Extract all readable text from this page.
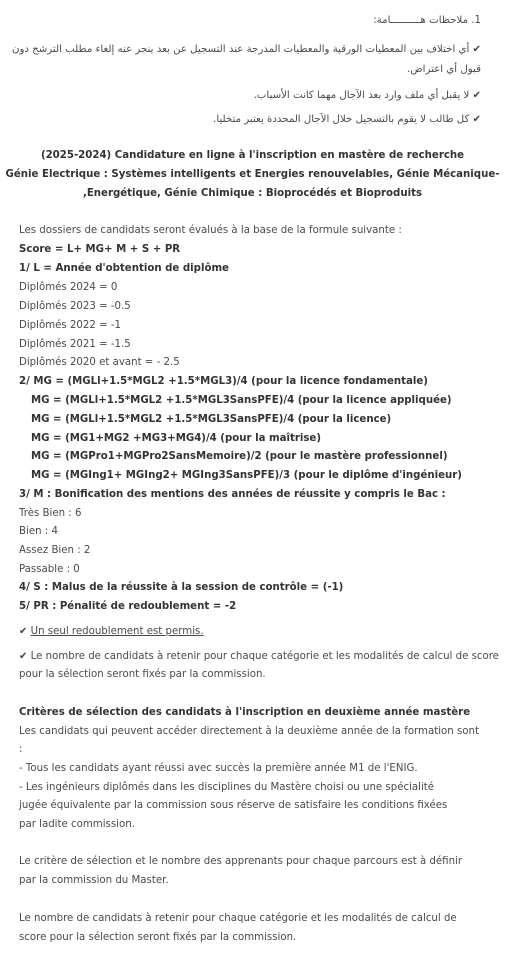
1. ملاحظات هــــــــــامة:
✔ أي اختلاف بين المعطيات الورقية والمعطيات المدرجة عند التسجيل عن بعد ينجر عنه إلغاء مطلب الترشح دون
قبول أي اعتراض.
✔ لا يقبل أي ملف وارد بعد الآجال مهما كانت الأسباب.
✔ كل طالب لا يقوم بالتسجيل خلال الآجال المحددة يعتبر متخليا.
(2025-2024) Candidature en ligne à l'inscription en mastère de recherche
Génie Electrique : Systèmes intelligents et Energies renouvelables, Génie Mécanique-
,Energétique, Génie Chimique : Bioprocédés et Bioproduits
Les dossiers de candidats seront évalués à la base de la formule suivante :
Score = L+ MG+ M + S + PR
1/ L = Année d'obtention de diplôme
Diplômés 2024 = 0
Diplômés 2023 = -0.5
Diplômés 2022 = -1
Diplômés 2021 = -1.5
Diplômés 2020 et avant = - 2.5
2/ MG = (MGLl+1.5*MGL2 +1.5*MGL3)/4 (pour la licence fondamentale)
MG = (MGLl+1.5*MGL2 +1.5*MGL3SansPFE)/4 (pour la licence appliquée)
MG = (MGLl+1.5*MGL2 +1.5*MGL3SansPFE)/4 (pour la licence)
MG = (MG1+MG2 +MG3+MG4)/4 (pour la maîtrise)
MG = (MGPro1+MGPro2SansMemoire)/2 (pour le mastère professionnel)
MG = (MGIng1+ MGIng2+ MGIng3SansPFE)/3 (pour le diplôme d'ingénieur)
3/ M : Bonification des mentions des années de réussite y compris le Bac :
Très Bien : 6
Bien : 4
Assez Bien : 2
Passable : 0
4/ S : Malus de la réussite à la session de contrôle = (-1)
5/ PR : Pénalité de redoublement = -2
✔ Un seul redoublement est permis.
✔ Le nombre de candidats à retenir pour chaque catégorie et les modalités de calcul de score
pour la sélection seront fixés par la commission.
Critères de sélection des candidats à l'inscription en deuxième année mastère
Les candidats qui peuvent accéder directement à la deuxième année de la formation sont
:
- Tous les candidats ayant réussi avec succès la première année M1 de l'ENIG.
- Les ingénieurs diplômés dans les disciplines du Mastère choisi ou une spécialité
jugée équivalente par la commission sous réserve de satisfaire les conditions fixées
par ladite commission.
Le critère de sélection et le nombre des apprenants pour chaque parcours est à définir
par la commission du Master.
Le nombre de candidats à retenir pour chaque catégorie et les modalités de calcul de
score pour la sélection seront fixés par la commission.
